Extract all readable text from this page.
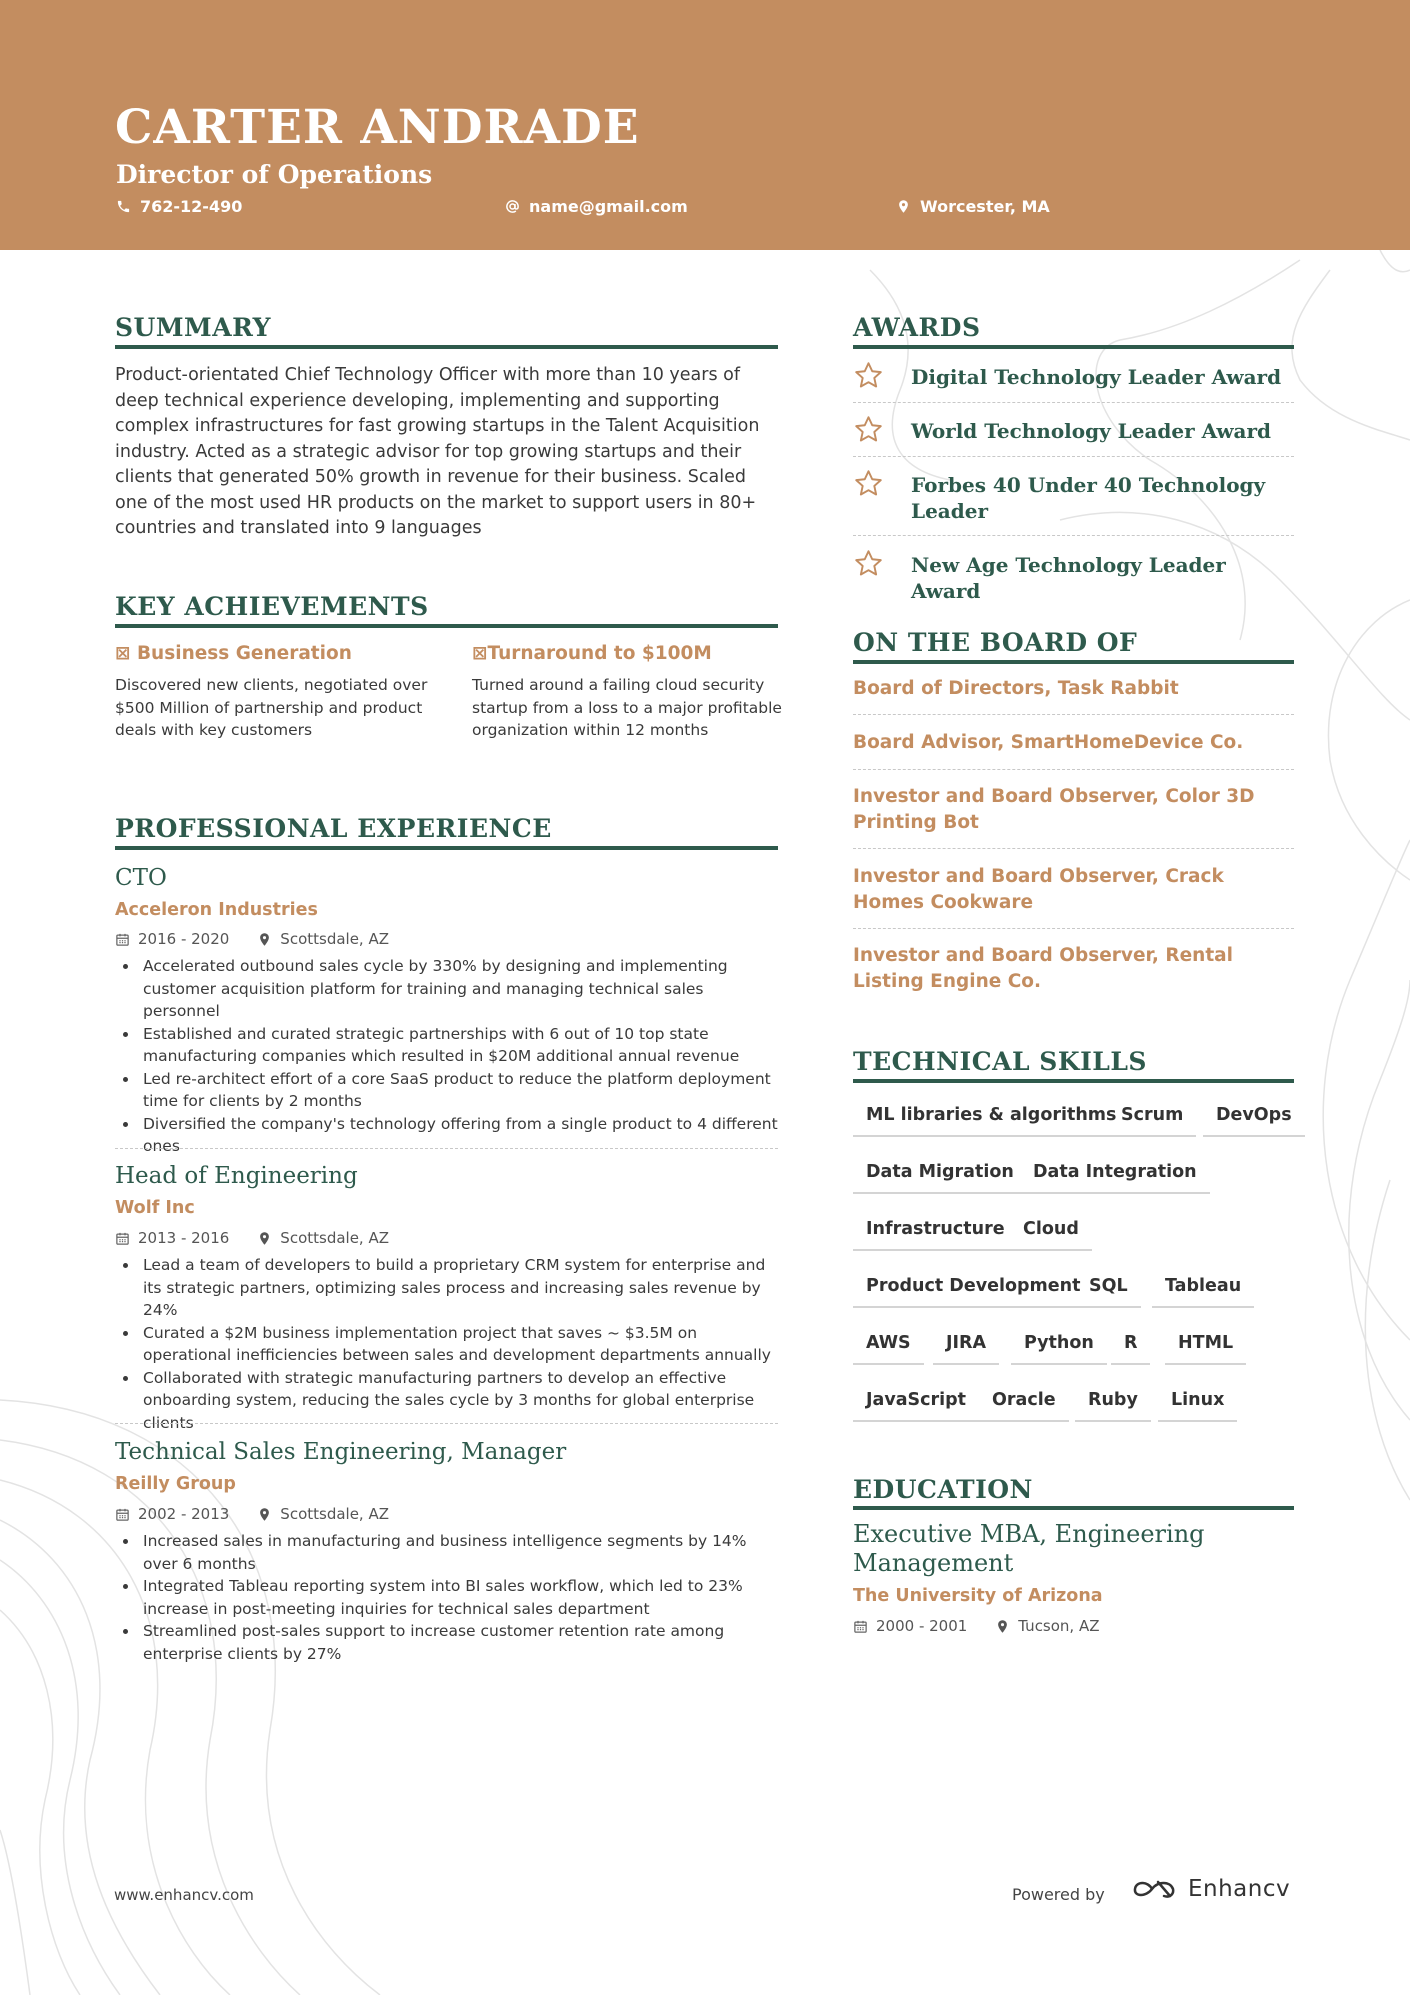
CARTER ANDRADE
Director of Operations
762-12-490	name@gmail.com	Worcester, MA
SUMMARY
Product-orientated Chief Technology Officer with more than 10 years of deep technical experience developing, implementing and supporting complex infrastructures for fast growing startups in the Talent Acquisition industry. Acted as a strategic advisor for top growing startups and their clients that generated 50% growth in revenue for their business. Scaled one of the most used HR products on the market to support users in 80+ countries and translated into 9 languages
KEY ACHIEVEMENTS
⊠ Business Generation
Discovered new clients, negotiated over $500 Million of partnership and product deals with key customers
⊠Turnaround to $100M
Turned around a failing cloud security startup from a loss to a major profitable organization within 12 months
PROFESSIONAL EXPERIENCE
CTO
Acceleron Industries
2016 - 2020	Scottsdale, AZ
Accelerated outbound sales cycle by 330% by designing and implementing customer acquisition platform for training and managing technical sales personnel
Established and curated strategic partnerships with 6 out of 10 top state manufacturing companies which resulted in $20M additional annual revenue
Led re-architect effort of a core SaaS product to reduce the platform deployment time for clients by 2 months
Diversified the company's technology offering from a single product to 4 different ones
Head of Engineering
Wolf Inc
2013 - 2016	Scottsdale, AZ
Lead a team of developers to build a proprietary CRM system for enterprise and its strategic partners, optimizing sales process and increasing sales revenue by 24%
Curated a $2M business implementation project that saves ~ $3.5M on operational inefficiencies between sales and development departments annually
Collaborated with strategic manufacturing partners to develop an effective onboarding system, reducing the sales cycle by 3 months for global enterprise clients
Technical Sales Engineering, Manager
Reilly Group
2002 - 2013	Scottsdale, AZ
Increased sales in manufacturing and business intelligence segments by 14% over 6 months
Integrated Tableau reporting system into BI sales workflow, which led to 23% increase in post-meeting inquiries for technical sales department
Streamlined post-sales support to increase customer retention rate among enterprise clients by 27%
AWARDS
Digital Technology Leader Award
World Technology Leader Award
Forbes 40 Under 40 Technology Leader
New Age Technology Leader Award
ON THE BOARD OF
Board of Directors, Task Rabbit
Board Advisor, SmartHomeDevice Co.
Investor and Board Observer, Color 3D Printing Bot
Investor and Board Observer, Crack Homes Cookware
Investor and Board Observer, Rental Listing Engine Co.
TECHNICAL SKILLS
ML libraries & algorithms Scrum	DevOps
Data Migration	Data Integration
Infrastructure	Cloud
Product Development SQL	Tableau
AWS	JIRA	Python	R	HTML
JavaScript	Oracle	Ruby	Linux
EDUCATION
Executive MBA, Engineering Management
The University of Arizona
2000 - 2001	Tucson, AZ
www.enhancv.com	Powered by	Enhancv
